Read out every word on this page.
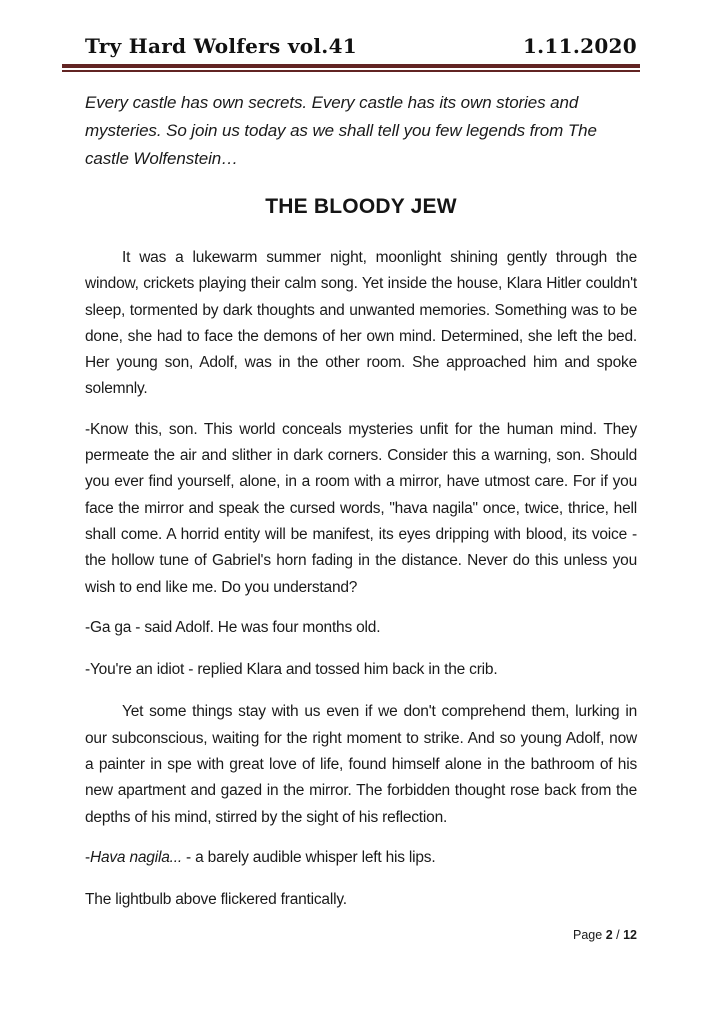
Try Hard Wolfers vol.41	1.11.2020

Every castle has own secrets. Every castle has its own stories and mysteries. So join us today as we shall tell you few legends from The castle Wolfenstein…

THE BLOODY JEW

It was a lukewarm summer night, moonlight shining gently through the window, crickets playing their calm song. Yet inside the house, Klara Hitler couldn't sleep, tormented by dark thoughts and unwanted memories. Something was to be done, she had to face the demons of her own mind. Determined, she left the bed. Her young son, Adolf, was in the other room. She approached him and spoke solemnly.

-Know this, son. This world conceals mysteries unfit for the human mind. They permeate the air and slither in dark corners. Consider this a warning, son. Should you ever find yourself, alone, in a room with a mirror, have utmost care. For if you face the mirror and speak the cursed words, "hava nagila" once, twice, thrice, hell shall come. A horrid entity will be manifest, its eyes dripping with blood, its voice - the hollow tune of Gabriel's horn fading in the distance. Never do this unless you wish to end like me. Do you understand?

-Ga ga - said Adolf. He was four months old.

-You're an idiot - replied Klara and tossed him back in the crib.

Yet some things stay with us even if we don't comprehend them, lurking in our subconscious, waiting for the right moment to strike. And so young Adolf, now a painter in spe with great love of life, found himself alone in the bathroom of his new apartment and gazed in the mirror. The forbidden thought rose back from the depths of his mind, stirred by the sight of his reflection.

-Hava nagila... - a barely audible whisper left his lips.

The lightbulb above flickered frantically.

Page 2 / 12
